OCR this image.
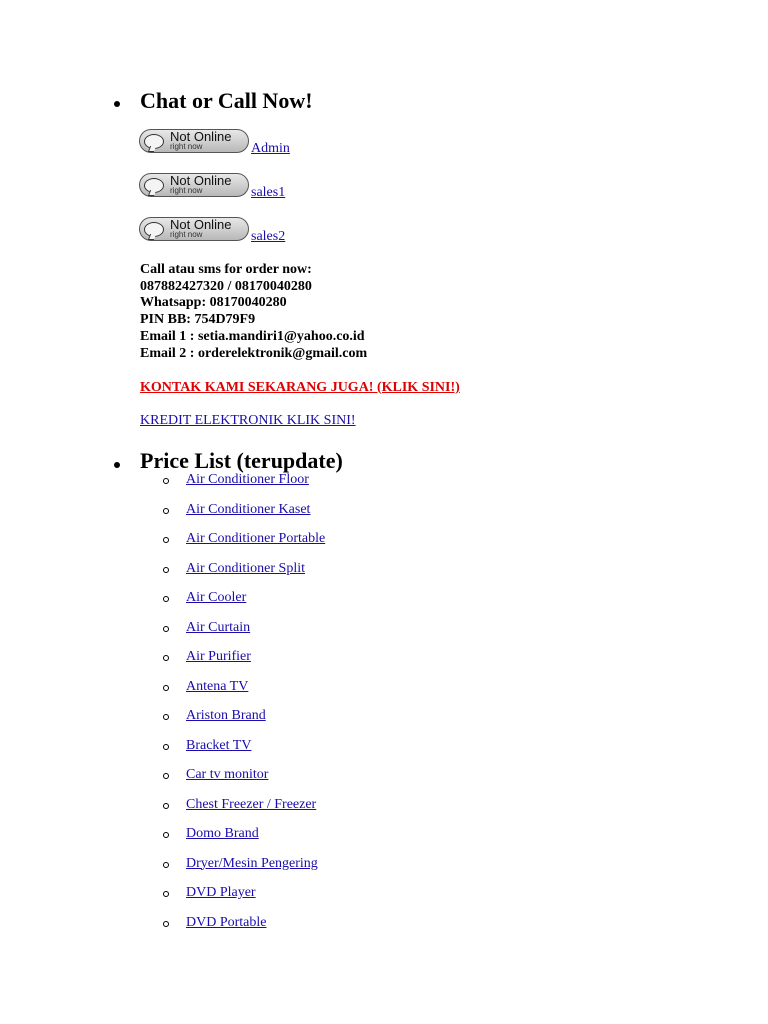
Chat or Call Now!
Not Online
right now	Admin
Not Online
right now	sales1
Not Online
right now	sales2
Call atau sms for order now:
087882427320 / 08170040280
Whatsapp: 08170040280
PIN BB: 754D79F9
Email 1 : setia.mandiri1@yahoo.co.id
Email 2 : orderelektronik@gmail.com
KONTAK KAMI SEKARANG JUGA! (KLIK SINI!)
KREDIT ELEKTRONIK KLIK SINI!
Price List (terupdate)
Air Conditioner Floor
Air Conditioner Kaset
Air Conditioner Portable
Air Conditioner Split
Air Cooler
Air Curtain
Air Purifier
Antena TV
Ariston Brand
Bracket TV
Car tv monitor
Chest Freezer / Freezer
Domo Brand
Dryer/Mesin Pengering
DVD Player
DVD Portable
